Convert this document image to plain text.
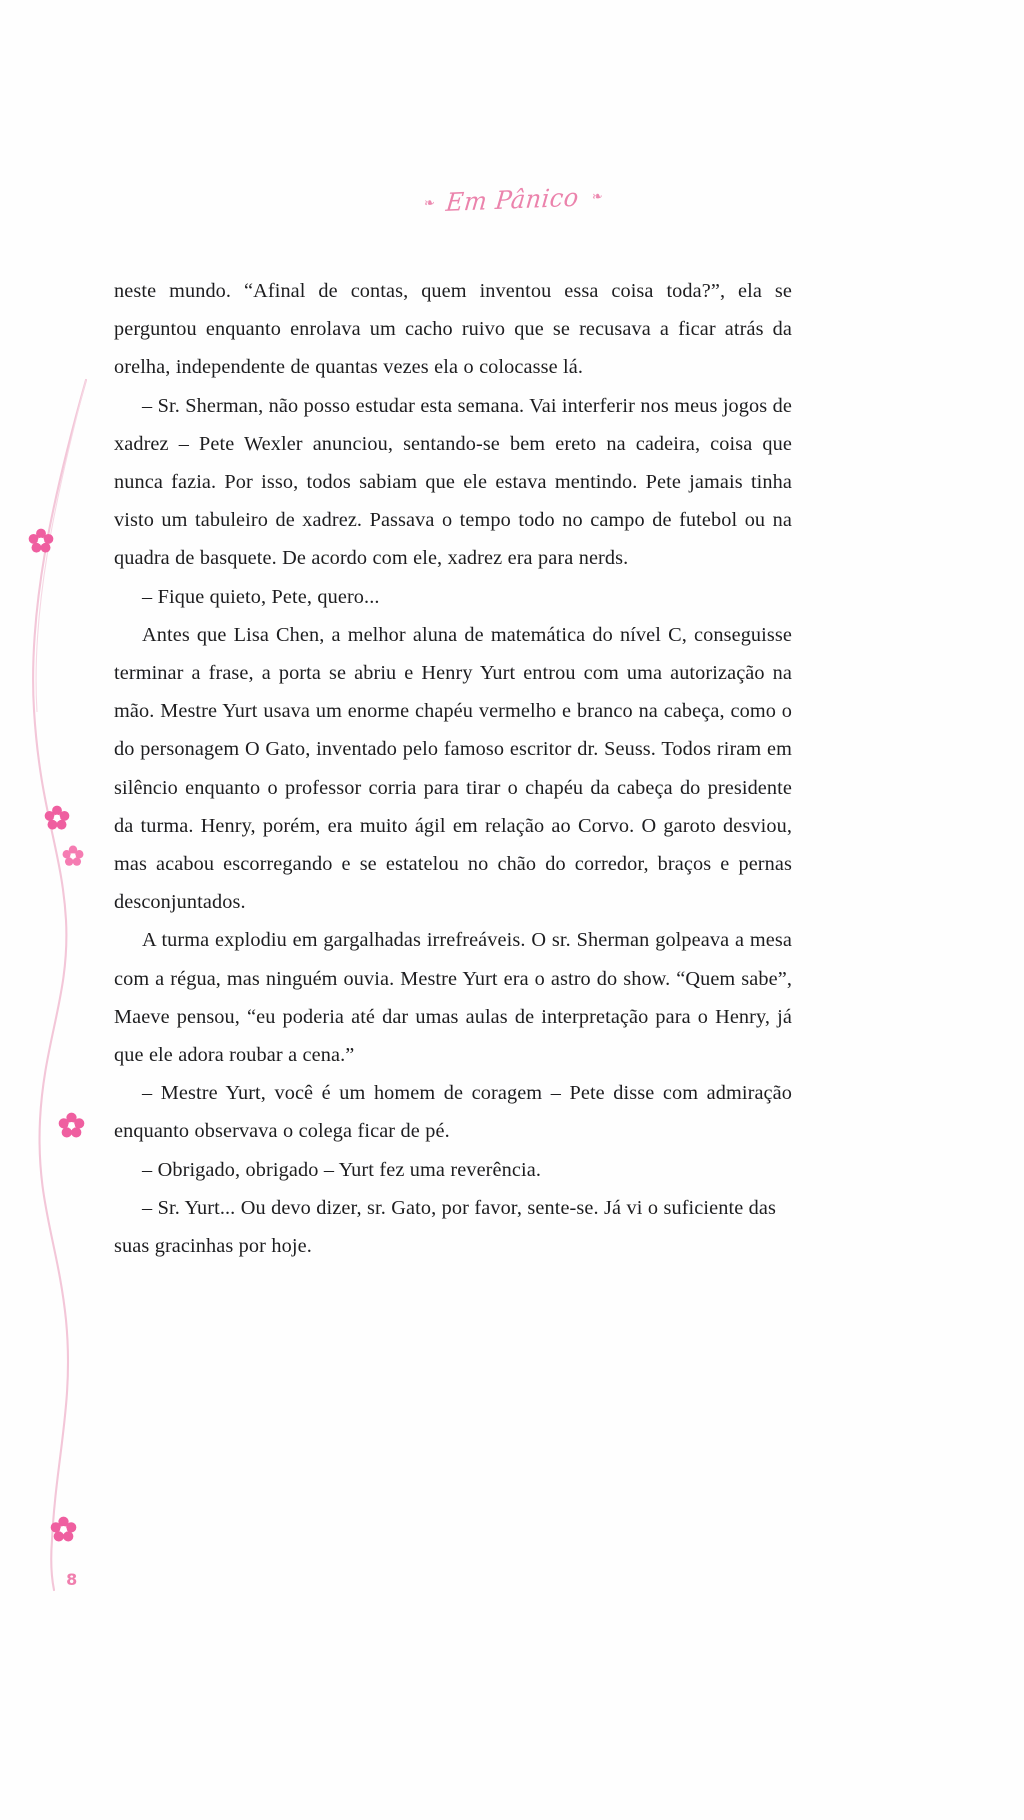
❧ Em Pânico ❧

neste mundo. “Afinal de contas, quem inventou essa coisa toda?”, ela se perguntou enquanto enrolava um cacho ruivo que se recusava a ficar atrás da orelha, independente de quantas vezes ela o colocasse lá.

– Sr. Sherman, não posso estudar esta semana. Vai interferir nos meus jogos de xadrez – Pete Wexler anunciou, sentando-se bem ereto na cadeira, coisa que nunca fazia. Por isso, todos sabiam que ele estava mentindo. Pete jamais tinha visto um tabuleiro de xadrez. Passava o tempo todo no campo de futebol ou na quadra de basquete. De acordo com ele, xadrez era para nerds.

– Fique quieto, Pete, quero...

Antes que Lisa Chen, a melhor aluna de matemática do nível C, conseguisse terminar a frase, a porta se abriu e Henry Yurt entrou com uma autorização na mão. Mestre Yurt usava um enorme chapéu vermelho e branco na cabeça, como o do personagem O Gato, inventado pelo famoso escritor dr. Seuss. Todos riram em silêncio enquanto o professor corria para tirar o chapéu da cabeça do presidente da turma. Henry, porém, era muito ágil em relação ao Corvo. O garoto desviou, mas acabou escorregando e se estatelou no chão do corredor, braços e pernas desconjuntados.

A turma explodiu em gargalhadas irrefreáveis. O sr. Sherman golpeava a mesa com a régua, mas ninguém ouvia. Mestre Yurt era o astro do show. “Quem sabe”, Maeve pensou, “eu poderia até dar umas aulas de interpretação para o Henry, já que ele adora roubar a cena.”

– Mestre Yurt, você é um homem de coragem – Pete disse com admiração enquanto observava o colega ficar de pé.

– Obrigado, obrigado – Yurt fez uma reverência.

– Sr. Yurt... Ou devo dizer, sr. Gato, por favor, sente-se. Já vi o suficiente das suas gracinhas por hoje.

8
